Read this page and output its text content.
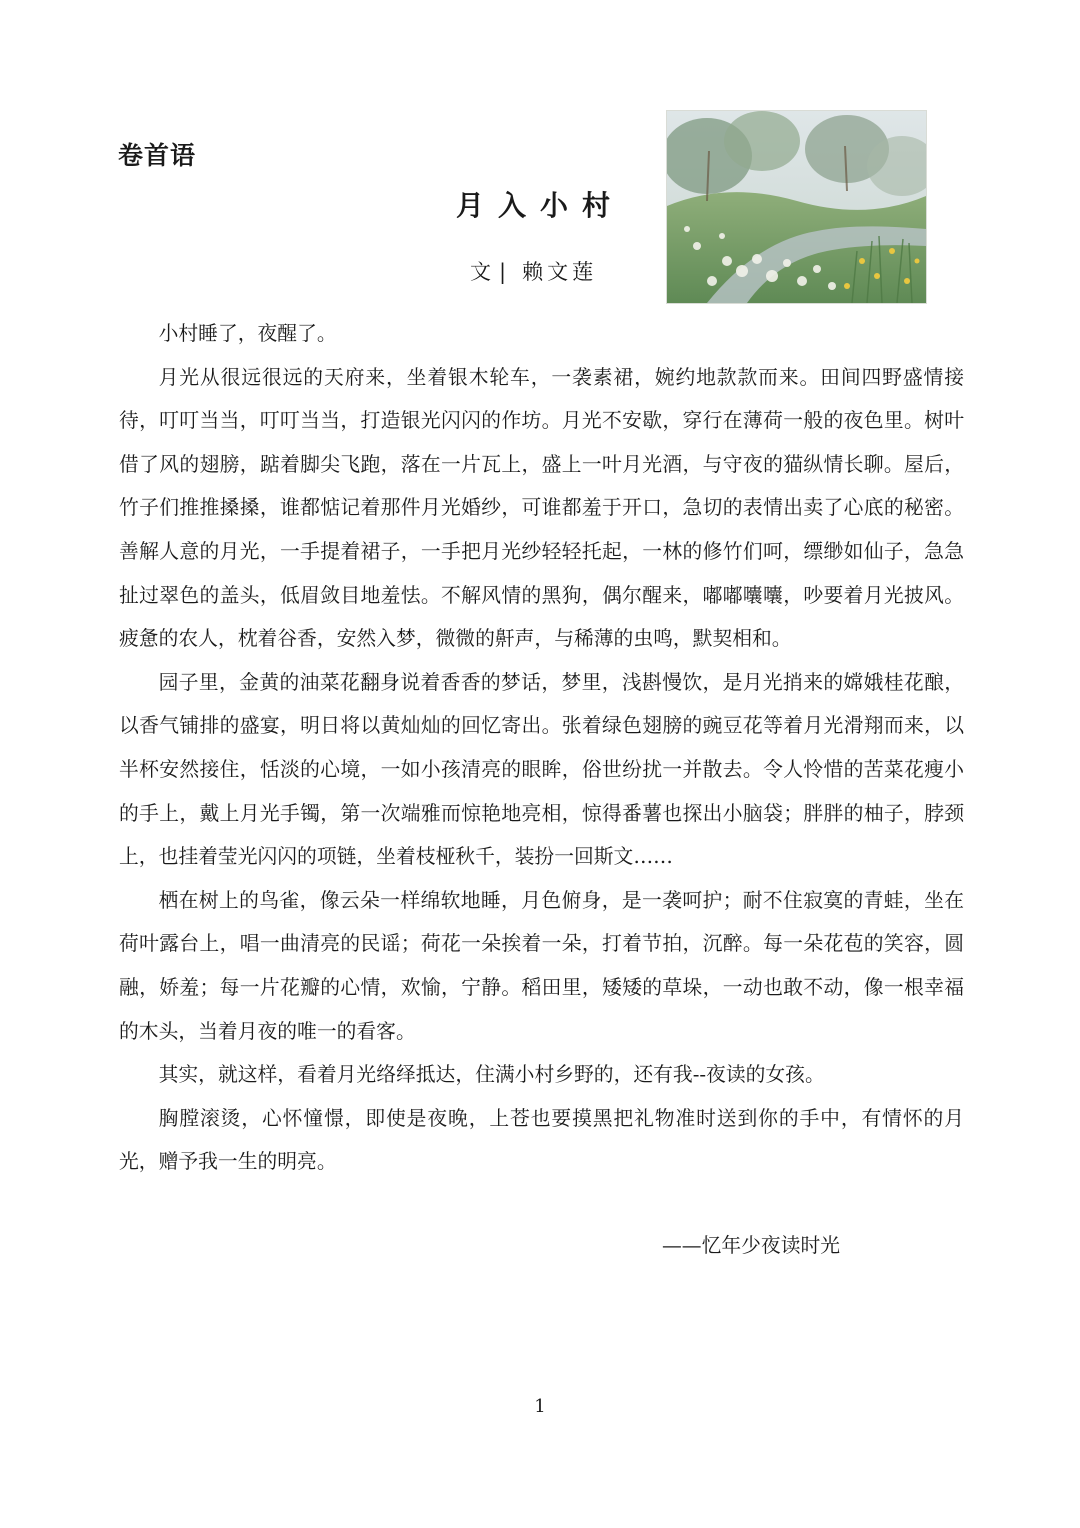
卷首语
月入小村
文 | 赖文莲

小村睡了，夜醒了。

月光从很远很远的天府来，坐着银木轮车，一袭素裙，婉约地款款而来。田间四野盛情接待，叮叮当当，叮叮当当，打造银光闪闪的作坊。月光不安歇，穿行在薄荷一般的夜色里。树叶借了风的翅膀，踮着脚尖飞跑，落在一片瓦上，盛上一叶月光酒，与守夜的猫纵情长聊。屋后，竹子们推推搡搡，谁都惦记着那件月光婚纱，可谁都羞于开口，急切的表情出卖了心底的秘密。善解人意的月光，一手提着裙子，一手把月光纱轻轻托起，一林的修竹们呵，缥缈如仙子，急急扯过翠色的盖头，低眉敛目地羞怯。不解风情的黑狗，偶尔醒来，嘟嘟囔囔，吵要着月光披风。疲惫的农人，枕着谷香，安然入梦，微微的鼾声，与稀薄的虫鸣，默契相和。

园子里，金黄的油菜花翻身说着香香的梦话，梦里，浅斟慢饮，是月光捎来的嫦娥桂花酿，以香气铺排的盛宴，明日将以黄灿灿的回忆寄出。张着绿色翅膀的豌豆花等着月光滑翔而来，以半杯安然接住，恬淡的心境，一如小孩清亮的眼眸，俗世纷扰一并散去。令人怜惜的苦菜花瘦小的手上，戴上月光手镯，第一次端雅而惊艳地亮相，惊得番薯也探出小脑袋；胖胖的柚子，脖颈上，也挂着莹光闪闪的项链，坐着枝桠秋千，装扮一回斯文……

栖在树上的鸟雀，像云朵一样绵软地睡，月色俯身，是一袭呵护；耐不住寂寞的青蛙，坐在荷叶露台上，唱一曲清亮的民谣；荷花一朵挨着一朵，打着节拍，沉醉。每一朵花苞的笑容，圆融，娇羞；每一片花瓣的心情，欢愉，宁静。稻田里，矮矮的草垛，一动也敢不动，像一根幸福的木头，当着月夜的唯一的看客。

其实，就这样，看着月光络绎抵达，住满小村乡野的，还有我--夜读的女孩。

胸膛滚烫，心怀憧憬，即使是夜晚，上苍也要摸黑把礼物准时送到你的手中，有情怀的月光，赠予我一生的明亮。

——忆年少夜读时光
1
